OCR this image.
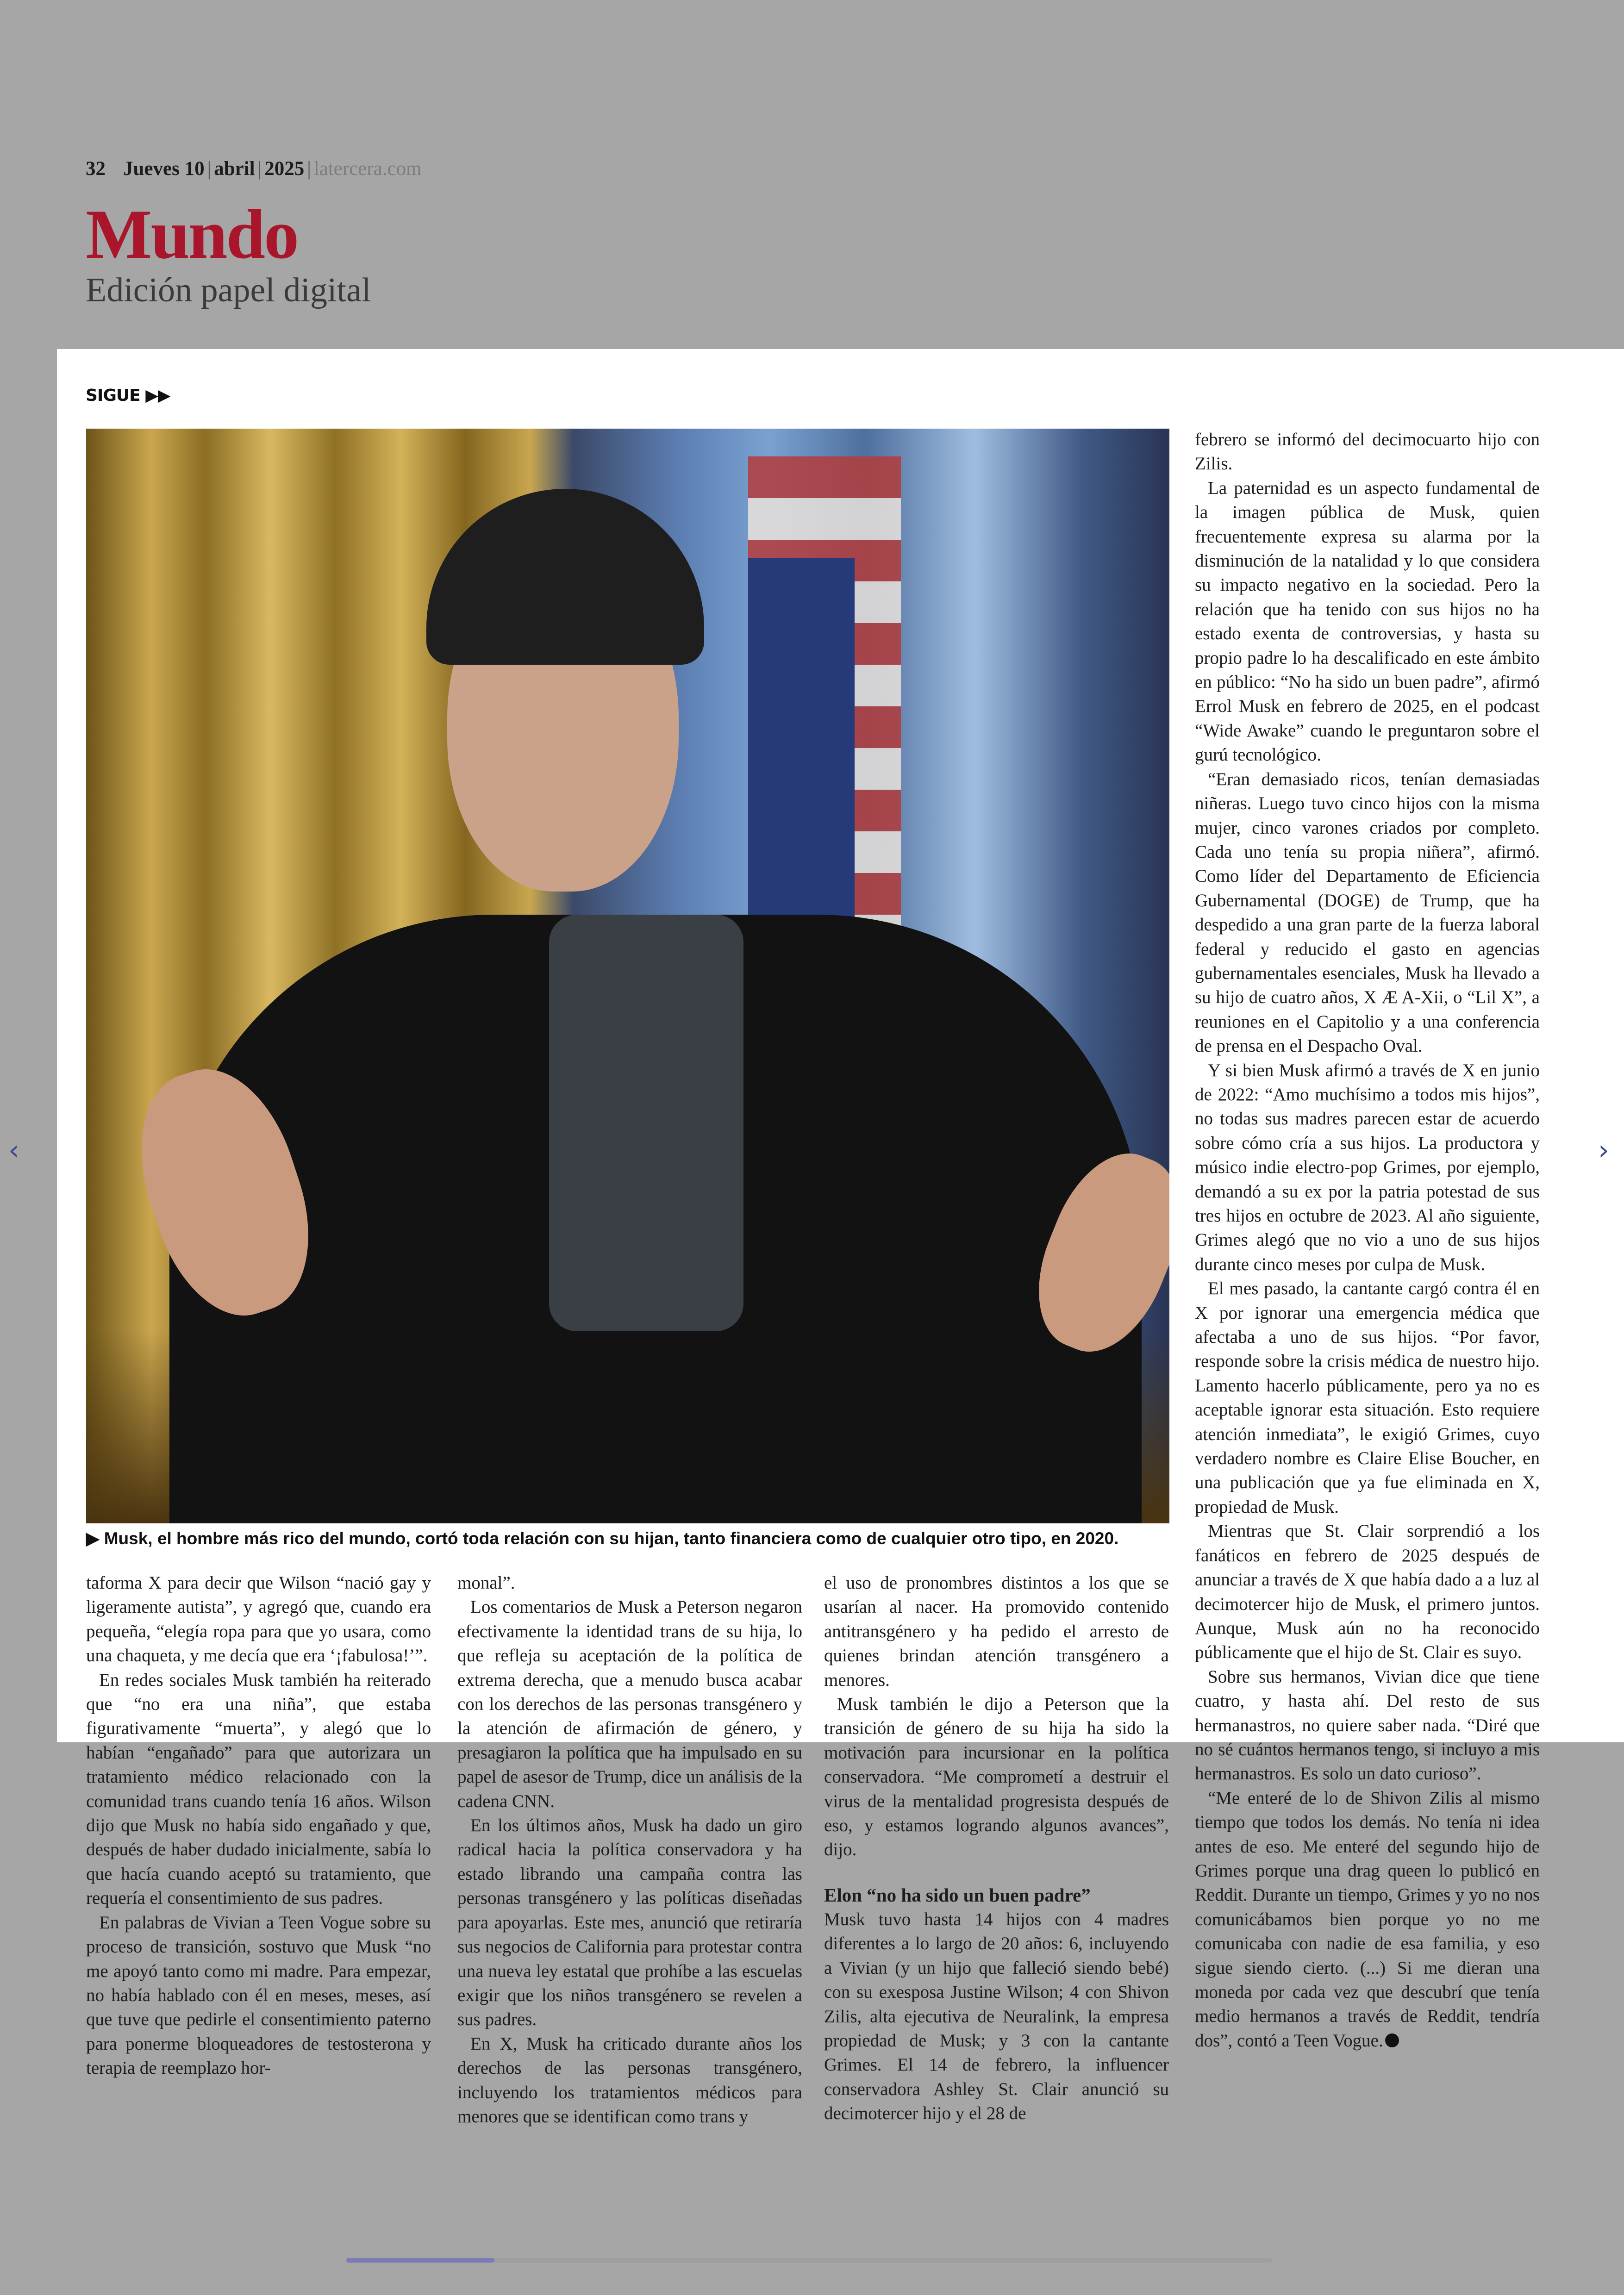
32 Jueves 10 | abril | 2025 | latercera.com
Mundo
Edición papel digital
SIGUE ▶▶
▶ Musk, el hombre más rico del mundo, cortó toda relación con su hijan, tanto financiera como de cualquier otro tipo, en 2020.

taforma X para decir que Wilson “nació gay y ligeramente autista”, y agregó que, cuando era pequeña, “elegía ropa para que yo usara, como una chaqueta, y me decía que era ‘¡fabulosa!’”.

En redes sociales Musk también ha reiterado que “no era una niña”, que estaba figurativamente “muerta”, y alegó que lo habían “engañado” para que autorizara un tratamiento médico relacionado con la comunidad trans cuando tenía 16 años. Wilson dijo que Musk no había sido engañado y que, después de haber dudado inicialmente, sabía lo que hacía cuando aceptó su tratamiento, que requería el consentimiento de sus padres.

En palabras de Vivian a Teen Vogue sobre su proceso de transición, sostuvo que Musk “no me apoyó tanto como mi madre. Para empezar, no había hablado con él en meses, meses, así que tuve que pedirle el consentimiento paterno para ponerme bloqueadores de testosterona y terapia de reemplazo hor-

monal”.

Los comentarios de Musk a Peterson negaron efectivamente la identidad trans de su hija, lo que refleja su aceptación de la política de extrema derecha, que a menudo busca acabar con los derechos de las personas transgénero y la atención de afirmación de género, y presagiaron la política que ha impulsado en su papel de asesor de Trump, dice un análisis de la cadena CNN.

En los últimos años, Musk ha dado un giro radical hacia la política conservadora y ha estado librando una campaña contra las personas transgénero y las políticas diseñadas para apoyarlas. Este mes, anunció que retiraría sus negocios de California para protestar contra una nueva ley estatal que prohíbe a las escuelas exigir que los niños transgénero se revelen a sus padres.

En X, Musk ha criticado durante años los derechos de las personas transgénero, incluyendo los tratamientos médicos para menores que se identifican como trans y

el uso de pronombres distintos a los que se usarían al nacer. Ha promovido contenido antitransgénero y ha pedido el arresto de quienes brindan atención transgénero a menores.

Musk también le dijo a Peterson que la transición de género de su hija ha sido la motivación para incursionar en la política conservadora. “Me comprometí a destruir el virus de la mentalidad progresista después de eso, y estamos logrando algunos avances”, dijo.

Elon “no ha sido un buen padre”

Musk tuvo hasta 14 hijos con 4 madres diferentes a lo largo de 20 años: 6, incluyendo a Vivian (y un hijo que falleció siendo bebé) con su exesposa Justine Wilson; 4 con Shivon Zilis, alta ejecutiva de Neuralink, la empresa propiedad de Musk; y 3 con la cantante Grimes. El 14 de febrero, la influencer conservadora Ashley St. Clair anunció su decimotercer hijo y el 28 de

febrero se informó del decimocuarto hijo con Zilis.

La paternidad es un aspecto fundamental de la imagen pública de Musk, quien frecuentemente expresa su alarma por la disminución de la natalidad y lo que considera su impacto negativo en la sociedad. Pero la relación que ha tenido con sus hijos no ha estado exenta de controversias, y hasta su propio padre lo ha descalificado en este ámbito en público: “No ha sido un buen padre”, afirmó Errol Musk en febrero de 2025, en el podcast “Wide Awake” cuando le preguntaron sobre el gurú tecnológico.

“Eran demasiado ricos, tenían demasiadas niñeras. Luego tuvo cinco hijos con la misma mujer, cinco varones criados por completo. Cada uno tenía su propia niñera”, afirmó. Como líder del Departamento de Eficiencia Gubernamental (DOGE) de Trump, que ha despedido a una gran parte de la fuerza laboral federal y reducido el gasto en agencias gubernamentales esenciales, Musk ha llevado a su hijo de cuatro años, X Æ A-Xii, o “Lil X”, a reuniones en el Capitolio y a una conferencia de prensa en el Despacho Oval.

Y si bien Musk afirmó a través de X en junio de 2022: “Amo muchísimo a todos mis hijos”, no todas sus madres parecen estar de acuerdo sobre cómo cría a sus hijos. La productora y músico indie electro-pop Grimes, por ejemplo, demandó a su ex por la patria potestad de sus tres hijos en octubre de 2023. Al año siguiente, Grimes alegó que no vio a uno de sus hijos durante cinco meses por culpa de Musk.

El mes pasado, la cantante cargó contra él en X por ignorar una emergencia médica que afectaba a uno de sus hijos. “Por favor, responde sobre la crisis médica de nuestro hijo. Lamento hacerlo públicamente, pero ya no es aceptable ignorar esta situación. Esto requiere atención inmediata”, le exigió Grimes, cuyo verdadero nombre es Claire Elise Boucher, en una publicación que ya fue eliminada en X, propiedad de Musk.

Mientras que St. Clair sorprendió a los fanáticos en febrero de 2025 después de anunciar a través de X que había dado a a luz al decimotercer hijo de Musk, el primero juntos. Aunque, Musk aún no ha reconocido públicamente que el hijo de St. Clair es suyo.

Sobre sus hermanos, Vivian dice que tiene cuatro, y hasta ahí. Del resto de sus hermanastros, no quiere saber nada. “Diré que no sé cuántos hermanos tengo, si incluyo a mis hermanastros. Es solo un dato curioso”.

“Me enteré de lo de Shivon Zilis al mismo tiempo que todos los demás. No tenía ni idea antes de eso. Me enteré del segundo hijo de Grimes porque una drag queen lo publicó en Reddit. Durante un tiempo, Grimes y yo no nos comunicábamos bien porque yo no me comunicaba con nadie de esa familia, y eso sigue siendo cierto. (...) Si me dieran una moneda por cada vez que descubrí que tenía medio hermanos a través de Reddit, tendría dos”, contó a Teen Vogue.

‹	›
